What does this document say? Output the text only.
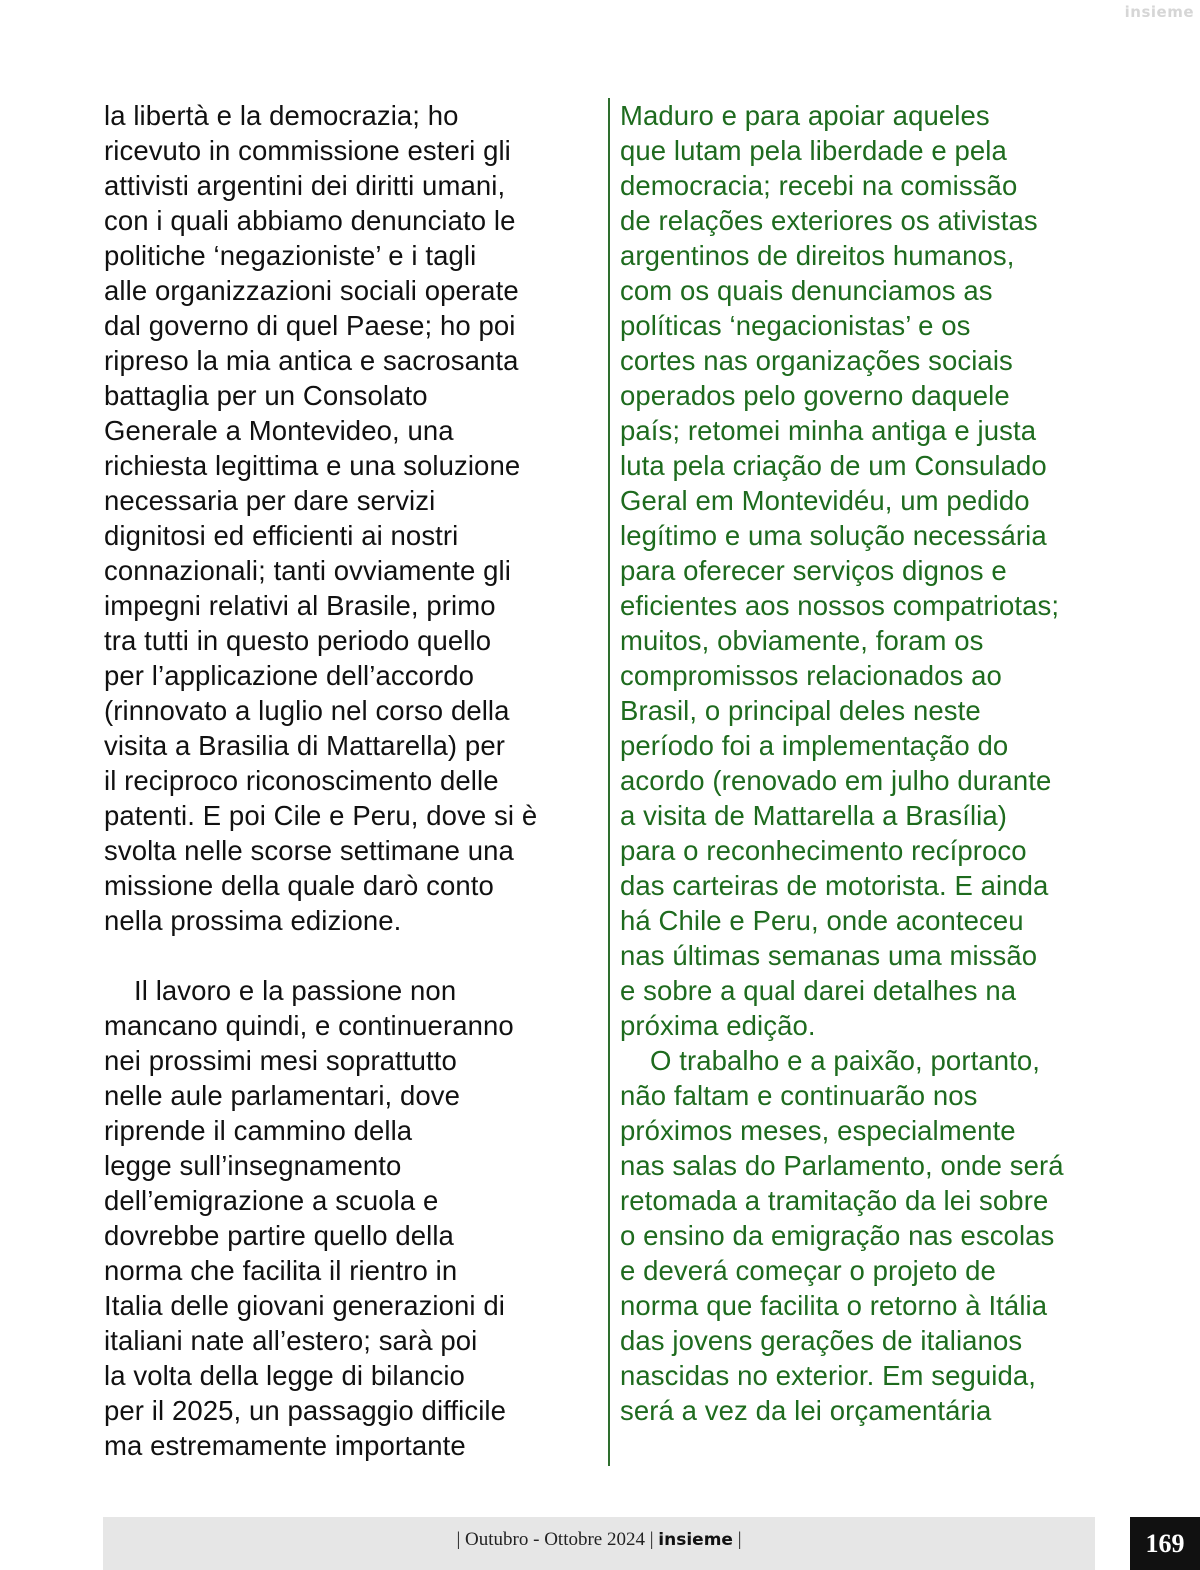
insieme
la libertà e la democrazia; ho
ricevuto in commissione esteri gli
attivisti argentini dei diritti umani,
con i quali abbiamo denunciato le
politiche ‘negazioniste’ e i tagli
alle organizzazioni sociali operate
dal governo di quel Paese; ho poi
ripreso la mia antica e sacrosanta
battaglia per un Consolato
Generale a Montevideo, una
richiesta legittima e una soluzione
necessaria per dare servizi
dignitosi ed efficienti ai nostri
connazionali; tanti ovviamente gli
impegni relativi al Brasile, primo
tra tutti in questo periodo quello
per l’applicazione dell’accordo
(rinnovato a luglio nel corso della
visita a Brasilia di Mattarella) per
il reciproco riconoscimento delle
patenti. E poi Cile e Peru, dove si è
svolta nelle scorse settimane una
missione della quale darò conto
nella prossima edizione.
Il lavoro e la passione non
mancano quindi, e continueranno
nei prossimi mesi soprattutto
nelle aule parlamentari, dove
riprende il cammino della
legge sull’insegnamento
dell’emigrazione a scuola e
dovrebbe partire quello della
norma che facilita il rientro in
Italia delle giovani generazioni di
italiani nate all’estero; sarà poi
la volta della legge di bilancio
per il 2025, un passaggio difficile
ma estremamente importante
Maduro e para apoiar aqueles
que lutam pela liberdade e pela
democracia; recebi na comissão
de relações exteriores os ativistas
argentinos de direitos humanos,
com os quais denunciamos as
políticas ‘negacionistas’ e os
cortes nas organizações sociais
operados pelo governo daquele
país; retomei minha antiga e justa
luta pela criação de um Consulado
Geral em Montevidéu, um pedido
legítimo e uma solução necessária
para oferecer serviços dignos e
eficientes aos nossos compatriotas;
muitos, obviamente, foram os
compromissos relacionados ao
Brasil, o principal deles neste
período foi a implementação do
acordo (renovado em julho durante
a visita de Mattarella a Brasília)
para o reconhecimento recíproco
das carteiras de motorista. E ainda
há Chile e Peru, onde aconteceu
nas últimas semanas uma missão
e sobre a qual darei detalhes na
próxima edição.
O trabalho e a paixão, portanto,
não faltam e continuarão nos
próximos meses, especialmente
nas salas do Parlamento, onde será
retomada a tramitação da lei sobre
o ensino da emigração nas escolas
e deverá começar o projeto de
norma que facilita o retorno à Itália
das jovens gerações de italianos
nascidas no exterior. Em seguida,
será a vez da lei orçamentária
| Outubro - Ottobre 2024 | insieme |	169
